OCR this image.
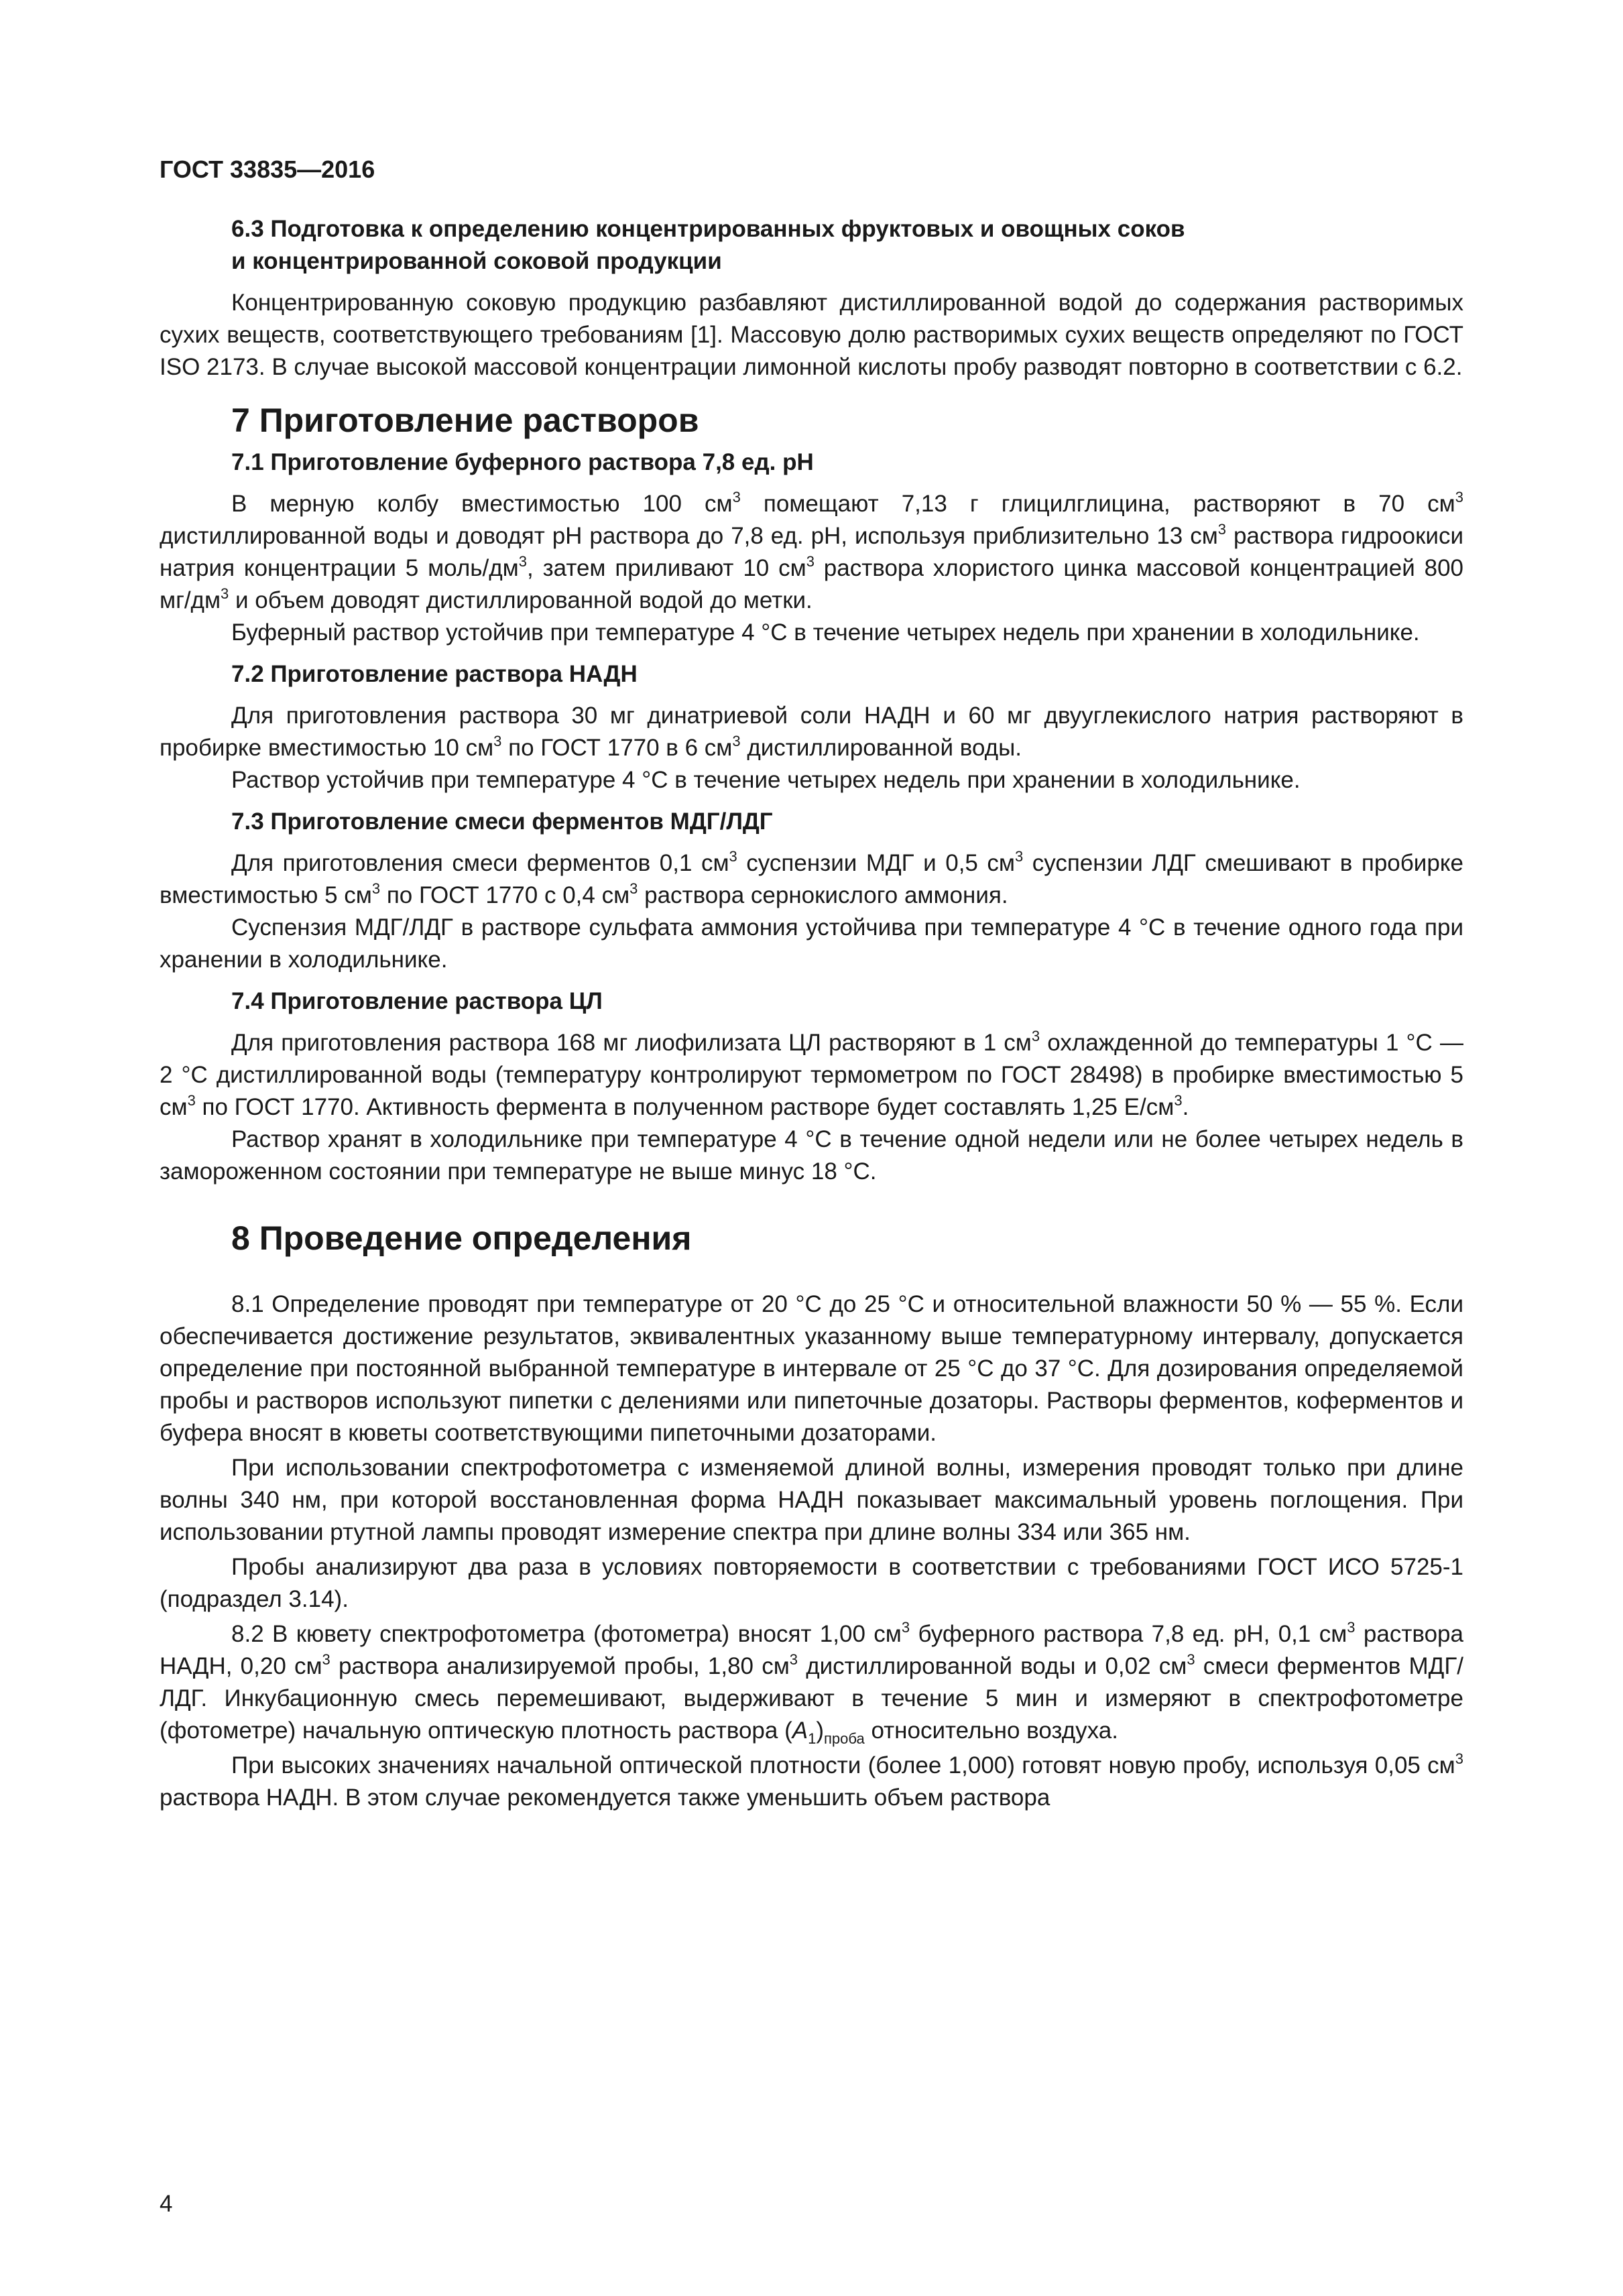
ГОСТ 33835—2016
6.3 Подготовка к определению концентрированных фруктовых и овощных соков
и концентрированной соковой продукции

Концентрированную соковую продукцию разбавляют дистиллированной водой до содержания растворимых сухих веществ, соответствующего требованиям [1]. Массовую долю растворимых сухих веществ определяют по ГОСТ ISO 2173. В случае высокой массовой концентрации лимонной кислоты пробу разводят повторно в соответствии с 6.2.

7 Приготовление растворов
7.1 Приготовление буферного раствора 7,8 ед. pH

В мерную колбу вместимостью 100 $см^3$ помещают 7,13 г глицилглицина, растворяют в 70 $см^3$ дистиллированной воды и доводят pH раствора до 7,8 ед. pH, используя приблизительно 13 $см^3$ раствора гидроокиси натрия концентрации 5 моль/$дм^3$, затем приливают 10 $см^3$ раствора хлористого цинка массовой концентрацией 800 $мг/дм^3$ и объем доводят дистиллированной водой до метки.

Буферный раствор устойчив при температуре 4 °C в течение четырех недель при хранении в холодильнике.

7.2 Приготовление раствора НАДН

Для приготовления раствора 30 мг динатриевой соли НАДН и 60 мг двууглекислого натрия растворяют в пробирке вместимостью 10 $см^3$ по ГОСТ 1770 в 6 $см^3$ дистиллированной воды.

Раствор устойчив при температуре 4 °C в течение четырех недель при хранении в холодильнике.

7.3 Приготовление смеси ферментов МДГ/ЛДГ

Для приготовления смеси ферментов 0,1 $см^3$ суспензии МДГ и 0,5 $см^3$ суспензии ЛДГ смешивают в пробирке вместимостью 5 $см^3$ по ГОСТ 1770 с 0,4 $см^3$ раствора сернокислого аммония.

Суспензия МДГ/ЛДГ в растворе сульфата аммония устойчива при температуре 4 °C в течение одного года при хранении в холодильнике.

7.4 Приготовление раствора ЦЛ

Для приготовления раствора 168 мг лиофилизата ЦЛ растворяют в 1 $см^3$ охлажденной до температуры 1 °C — 2 °C дистиллированной воды (температуру контролируют термометром по ГОСТ 28498) в пробирке вместимостью 5 $см^3$ по ГОСТ 1770. Активность фермента в полученном растворе будет составлять 1,25 $Е/см^3$.

Раствор хранят в холодильнике при температуре 4 °C в течение одной недели или не более четырех недель в замороженном состоянии при температуре не выше минус 18 °C.

8 Проведение определения

8.1 Определение проводят при температуре от 20 °C до 25 °C и относительной влажности 50 % — 55 %. Если обеспечивается достижение результатов, эквивалентных указанному выше температурному интервалу, допускается определение при постоянной выбранной температуре в интервале от 25 °C до 37 °C. Для дозирования определяемой пробы и растворов используют пипетки с делениями или пипеточные дозаторы. Растворы ферментов, коферментов и буфера вносят в кюветы соответствующими пипеточными дозаторами.

При использовании спектрофотометра с изменяемой длиной волны, измерения проводят только при длине волны 340 нм, при которой восстановленная форма НАДН показывает максимальный уровень поглощения. При использовании ртутной лампы проводят измерение спектра при длине волны 334 или 365 нм.

Пробы анализируют два раза в условиях повторяемости в соответствии с требованиями ГОСТ ИСО 5725-1 (подраздел 3.14).

8.2 В кювету спектрофотометра (фотометра) вносят 1,00 $см^3$ буферного раствора 7,8 ед. pH, 0,1 $см^3$ раствора НАДН, 0,20 $см^3$ раствора анализируемой пробы, 1,80 $см^3$ дистиллированной воды и 0,02 $см^3$ смеси ферментов МДГ/ЛДГ. Инкубационную смесь перемешивают, выдерживают в течение 5 мин и измеряют в спектрофотометре (фотометре) начальную оптическую плотность раствора $(A_1)_{проба}$ относительно воздуха.

При высоких значениях начальной оптической плотности (более 1,000) готовят новую пробу, используя 0,05 $см^3$ раствора НАДН. В этом случае рекомендуется также уменьшить объем раствора

4
